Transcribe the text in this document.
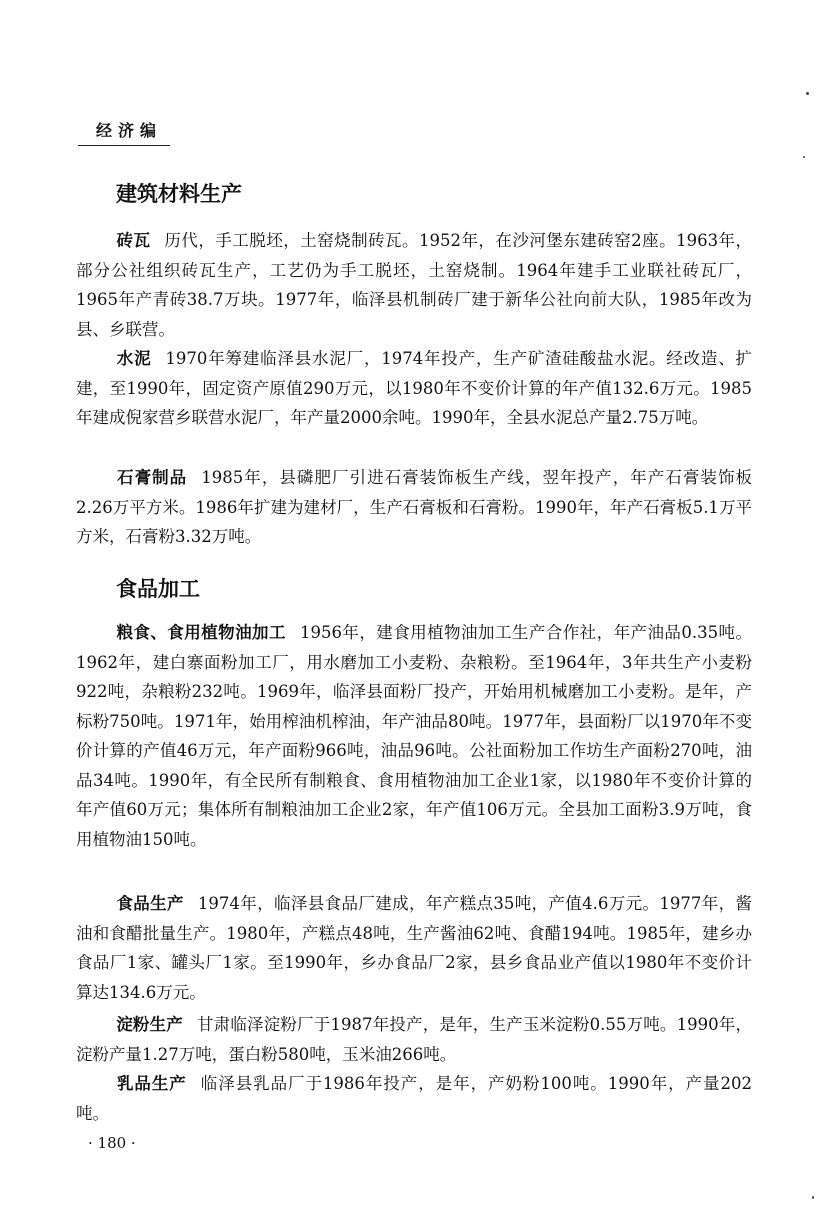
经济编
建筑材料生产

砖瓦 历代，手工脱坯，土窑烧制砖瓦。1952年，在沙河堡东建砖窑2座。1963年，部分公社组织砖瓦生产，工艺仍为手工脱坯，土窑烧制。1964年建手工业联社砖瓦厂，1965年产青砖38.7万块。1977年，临泽县机制砖厂建于新华公社向前大队，1985年改为县、乡联营。

水泥 1970年筹建临泽县水泥厂，1974年投产，生产矿渣硅酸盐水泥。经改造、扩建，至1990年，固定资产原值290万元，以1980年不变价计算的年产值132.6万元。1985年建成倪家营乡联营水泥厂，年产量2000余吨。1990年，全县水泥总产量2.75万吨。

石膏制品 1985年，县磷肥厂引进石膏装饰板生产线，翌年投产，年产石膏装饰板2.26万平方米。1986年扩建为建材厂，生产石膏板和石膏粉。1990年，年产石膏板5.1万平方米，石膏粉3.32万吨。

食品加工

粮食、食用植物油加工 1956年，建食用植物油加工生产合作社，年产油品0.35吨。1962年，建白寨面粉加工厂，用水磨加工小麦粉、杂粮粉。至1964年，3年共生产小麦粉922吨，杂粮粉232吨。1969年，临泽县面粉厂投产，开始用机械磨加工小麦粉。是年，产标粉750吨。1971年，始用榨油机榨油，年产油品80吨。1977年，县面粉厂以1970年不变价计算的产值46万元，年产面粉966吨，油品96吨。公社面粉加工作坊生产面粉270吨，油品34吨。1990年，有全民所有制粮食、食用植物油加工企业1家，以1980年不变价计算的年产值60万元；集体所有制粮油加工企业2家，年产值106万元。全县加工面粉3.9万吨，食用植物油150吨。

食品生产 1974年，临泽县食品厂建成，年产糕点35吨，产值4.6万元。1977年，酱油和食醋批量生产。1980年，产糕点48吨，生产酱油62吨、食醋194吨。1985年，建乡办食品厂1家、罐头厂1家。至1990年，乡办食品厂2家，县乡食品业产值以1980年不变价计算达134.6万元。

淀粉生产 甘肃临泽淀粉厂于1987年投产，是年，生产玉米淀粉0.55万吨。1990年，淀粉产量1.27万吨，蛋白粉580吨，玉米油266吨。

乳品生产 临泽县乳品厂于1986年投产，是年，产奶粉100吨。1990年，产量202吨。

· 180 ·
